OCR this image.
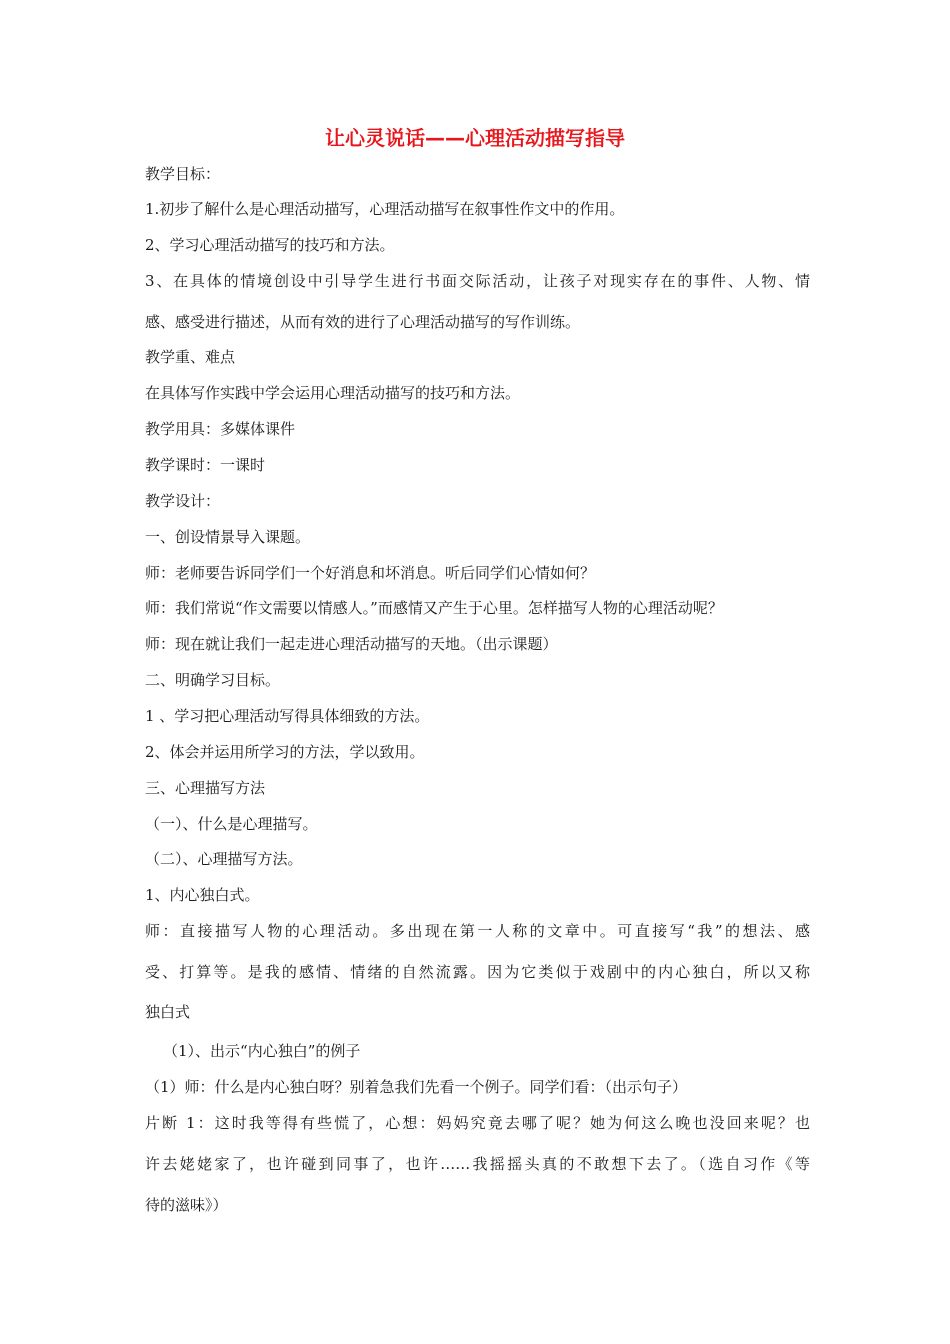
让心灵说话——心理活动描写指导

教学目标：

1.初步了解什么是心理活动描写，心理活动描写在叙事性作文中的作用。

2、学习心理活动描写的技巧和方法。

3、在具体的情境创设中引导学生进行书面交际活动，让孩子对现实存在的事件、人物、情

感、感受进行描述，从而有效的进行了心理活动描写的写作训练。

教学重、难点

在具体写作实践中学会运用心理活动描写的技巧和方法。

教学用具：多媒体课件

教学课时：一课时

教学设计：

一、创设情景导入课题。

师：老师要告诉同学们一个好消息和坏消息。听后同学们心情如何？

师：我们常说“作文需要以情感人。”而感情又产生于心里。怎样描写人物的心理活动呢？

师：现在就让我们一起走进心理活动描写的天地。（出示课题）

二、明确学习目标。

1 、学习把心理活动写得具体细致的方法。

2、体会并运用所学习的方法，学以致用。

三、心理描写方法

（一）、什么是心理描写。

（二）、心理描写方法。

1、内心独白式。

师：直接描写人物的心理活动。多出现在第一人称的文章中。可直接写“我”的想法、感

受、打算等。是我的感情、情绪的自然流露。因为它类似于戏剧中的内心独白，所以又称

独白式

（1）、出示“内心独白”的例子

（1）师：什么是内心独白呀？别着急我们先看一个例子。同学们看：（出示句子）

片断 1：这时我等得有些慌了，心想：妈妈究竟去哪了呢？她为何这么晚也没回来呢？也

许去姥姥家了，也许碰到同事了，也许……我摇摇头真的不敢想下去了。（选自习作《等

待的滋味》）
